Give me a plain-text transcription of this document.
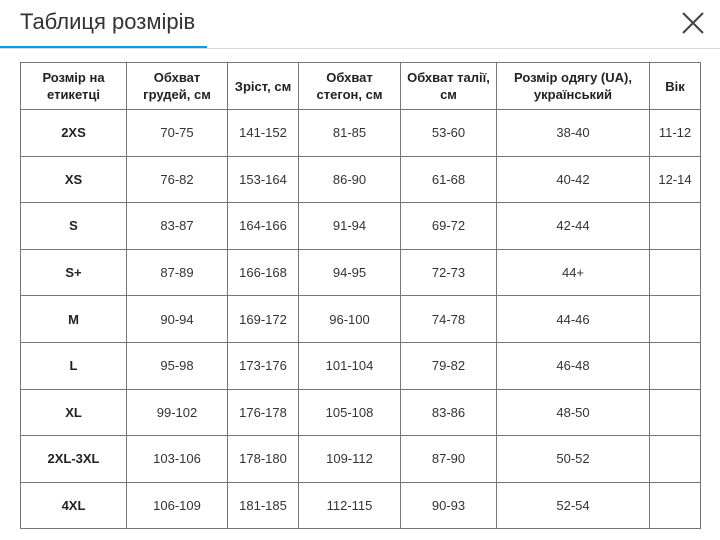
Таблиця розмірів
Розмір на етикетці	Обхват грудей, см	Зріст, см	Обхват стегон, см	Обхват талії, см	Розмір одягу (UA), український	Вік
2XS	70-75	141-152	81-85	53-60	38-40	11-12
XS	76-82	153-164	86-90	61-68	40-42	12-14
S	83-87	164-166	91-94	69-72	42-44	
S+	87-89	166-168	94-95	72-73	44+	
M	90-94	169-172	96-100	74-78	44-46	
L	95-98	173-176	101-104	79-82	46-48	
XL	99-102	176-178	105-108	83-86	48-50	
2XL-3XL	103-106	178-180	109-112	87-90	50-52	
4XL	106-109	181-185	112-115	90-93	52-54	
